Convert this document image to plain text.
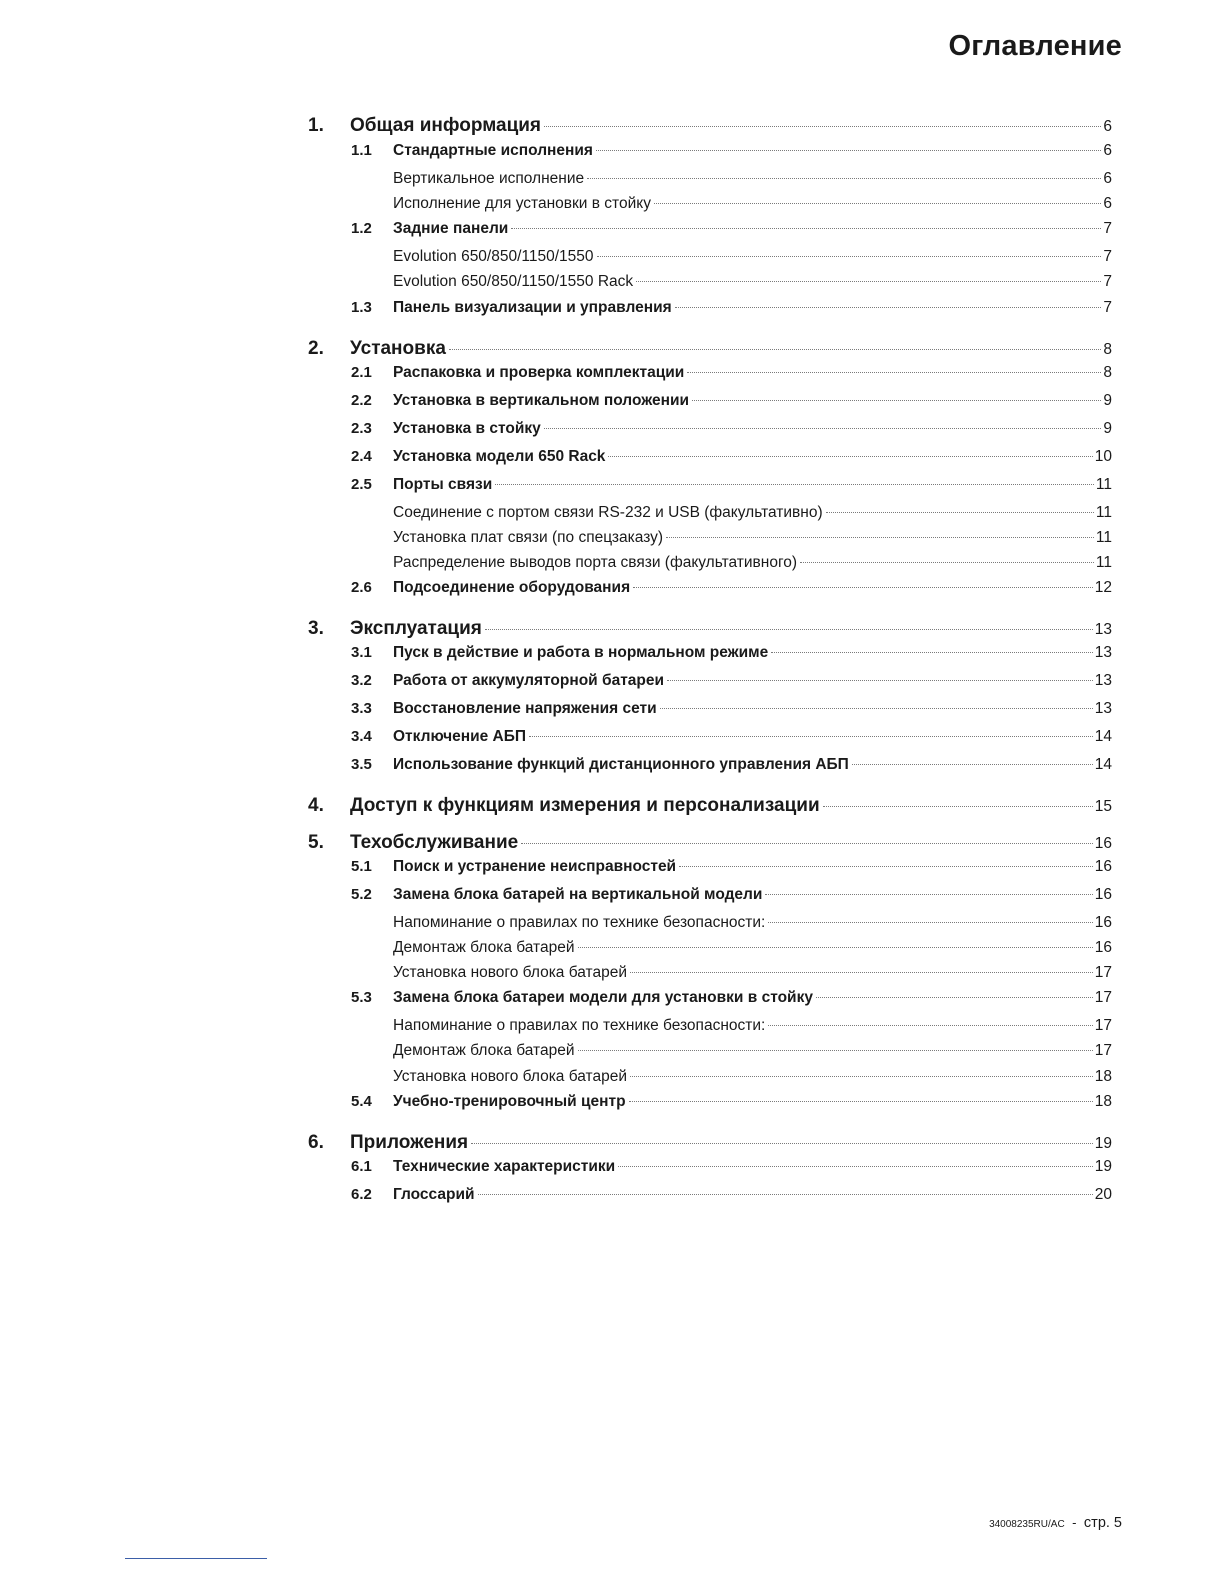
Оглавление
1. Общая информация	6
1.1 Стандартные исполнения	6
Вертикальное исполнение	6
Исполнение для установки в стойку	6
1.2 Задние панели	7
Evolution 650/850/1150/1550	7
Evolution 650/850/1150/1550 Rack	7
1.3 Панель визуализации и управления	7
2. Установка	8
2.1 Распаковка и проверка комплектации	8
2.2 Установка в вертикальном положении	9
2.3 Установка в стойку	9
2.4 Установка модели 650 Rack	10
2.5 Порты связи	11
Соединение с портом связи RS-232 и USB (факультативно)	11
Установка плат связи (по спецзаказу)	11
Распределение выводов порта связи (факультативного)	11
2.6 Подсоединение оборудования	12
3. Эксплуатация	13
3.1 Пуск в действие и работа в нормальном режиме	13
3.2 Работа от аккумуляторной батареи	13
3.3 Восстановление напряжения сети	13
3.4 Отключение АБП	14
3.5 Использование функций дистанционного управления АБП	14
4. Доступ к функциям измерения и персонализации	15
5. Техобслуживание	16
5.1 Поиск и устранение неисправностей	16
5.2 Замена блока батарей на вертикальной модели	16
Напоминание о правилах по технике безопасности:	16
Демонтаж блока батарей	16
Установка нового блока батарей	17
5.3 Замена блока батареи модели для установки в стойку	17
Напоминание о правилах по технике безопасности:	17
Демонтаж блока батарей	17
Установка нового блока батарей	18
5.4 Учебно-тренировочный центр	18
6. Приложения	19
6.1 Технические характеристики	19
6.2 Глоссарий	20
34008235RU/AC - стр. 5
